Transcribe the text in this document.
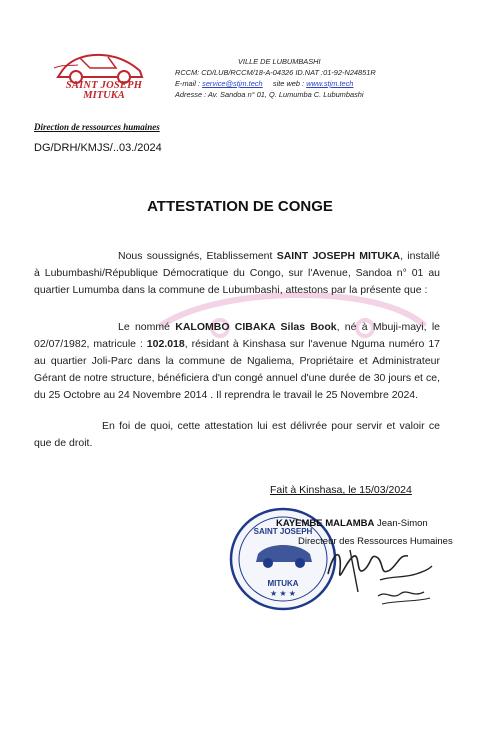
SAINT JOSEPH
MITUKA
VILLE DE LUBUMBASHI
RCCM: CD/LUB/RCCM/18-A-04326 ID.NAT :01-92-N24851R
E-mail : service@stjm.tech site web : www.stjm.tech
Adresse : Av. Sandoa n° 01, Q. Lumumba C. Lubumbashi
Direction de ressources humaines
DG/DRH/KMJS/..03./2024
ATTESTATION DE CONGE
Nous soussignés, Etablissement SAINT JOSEPH MITUKA, installé à Lubumbashi/République Démocratique du Congo, sur l'Avenue, Sandoa n° 01 au quartier Lumumba dans la commune de Lubumbashi, attestons par la présente que :
Le nommé KALOMBO CIBAKA Silas Book, né à Mbuji-mayi, le 02/07/1982, matricule : 102.018, résidant à Kinshasa sur l'avenue Nguma numéro 17 au quartier Joli-Parc dans la commune de Ngaliema, Propriétaire et Administrateur Gérant de notre structure, bénéficiera d'un congé annuel d'une durée de 30 jours et ce, du 25 Octobre au 24 Novembre 2014 . Il reprendra le travail le 25 Novembre 2024.
En foi de quoi, cette attestation lui est délivrée pour servir et valoir ce que de droit.
Fait à Kinshasa, le 15/03/2024
SAINT JOSEPH
MITUKA
★ ★ ★
KAYEMBE MALAMBA Jean-Simon
Directeur des Ressources Humaines
